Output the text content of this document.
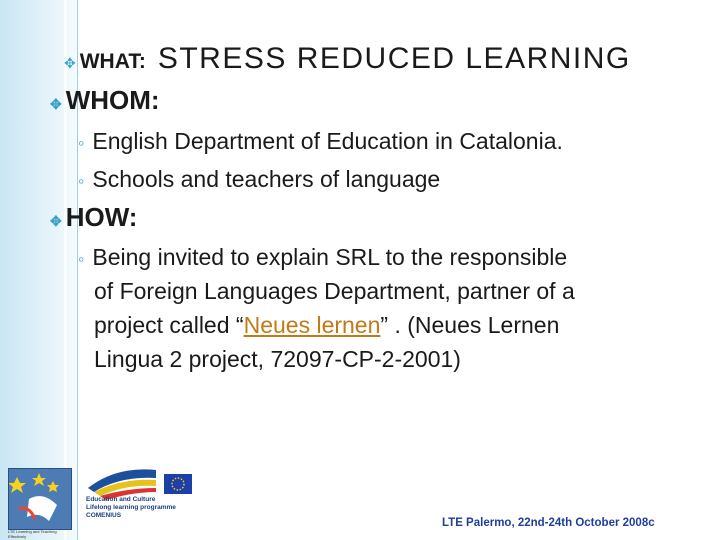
✥ WHAT: STRESS REDUCED LEARNING
✥ WHOM:
◦ English Department of Education in Catalonia.
◦ Schools and teachers of language
✥ HOW:
◦ Being invited to explain SRL to the responsible
of Foreign Languages Department, partner of a
project called “Neues lernen” . (Neues Lernen
Lingua 2 project, 72097-CP-2-2001)
LTE Learning and Teaching Effectively
Education and Culture
Lifelong learning programme
COMENIUS
LTE Palermo, 22nd-24th October 2008c
